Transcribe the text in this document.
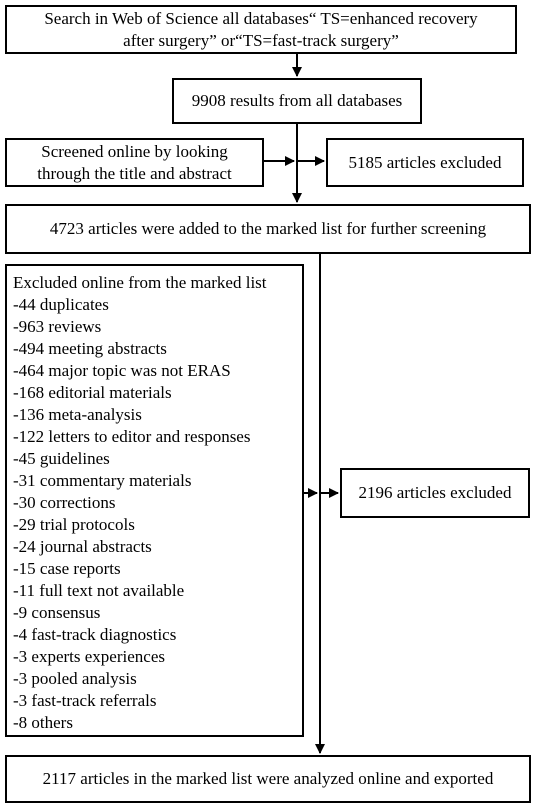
Search in Web of Science all databases“ TS=enhanced recovery
after surgery” or“TS=fast-track surgery”
9908 results from all databases
Screened online by looking
through the title and abstract
5185 articles excluded
4723 articles were added to the marked list for further screening
Excluded online from the marked list
-44 duplicates
-963 reviews
-494 meeting abstracts
-464 major topic was not ERAS
-168 editorial materials
-136 meta-analysis
-122 letters to editor and responses
-45 guidelines
-31 commentary materials
-30 corrections
-29 trial protocols
-24 journal abstracts
-15 case reports
-11 full text not available
-9 consensus
-4 fast-track diagnostics
-3 experts experiences
-3 pooled analysis
-3 fast-track referrals
-8 others
2196 articles excluded
2117 articles in the marked list were analyzed online and exported
